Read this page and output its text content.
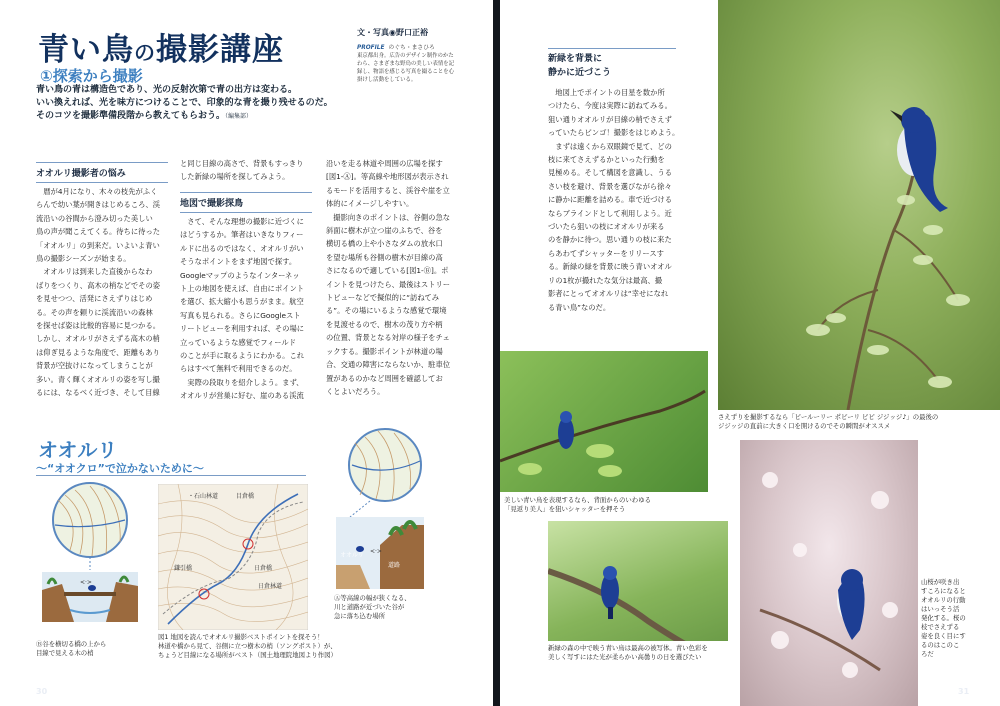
青い鳥の撮影講座
①探索から撮影
青い鳥の青は構造色であり、光の反射次第で青の出方は変わる。
いい換えれば、光を味方につけることで、印象的な青を撮り残せるのだ。
そのコツを撮影準備段階から教えてもらおう。（編集部）
文・写真◉野口正裕
PROFILE のぐち・まさひろ
東京都出身。広告のデザイン制作のかた
わら、さまざまな野鳥の美しい表情を記
録し、物語を感じる写真を撮ることを心
掛けし活動をしている。
オオルリ撮影者の悩み
　暦が4月になり、木々の枝先がふく
らんで幼い葉が開きはじめるころ、渓
流沿いの谷間から澄み切った美しい
鳥の声が聞こえてくる。待ちに待った
「オオルリ」の到来だ。いよいよ青い
鳥の撮影シーズンが始まる。
　オオルリは到来した直後からなわ
ばりをつくり、高木の梢などでその姿
を見せつつ、活発にさえずりはじめ
る。その声を頼りに渓流沿いの森林
を探せば姿は比較的容易に見つかる。
しかし、オオルリがさえずる高木の梢
は仰ぎ見るような角度で、距離もあり
背景が空抜けになってしまうことが
多い。青く輝くオオルリの姿を写し撮
るには、なるべく近づき、そして目線
と同じ目線の高さで、背景もすっきり
した新緑の場所を探してみよう。
地図で撮影探鳥
　さて、そんな理想の撮影に近づくに
はどうするか。筆者はいきなりフィー
ルドに出るのではなく、オオルリがい
そうなポイントをまず地図で探す。
Googleマップのようなインターネッ
ト上の地図を使えば、自由にポイント
を選び、拡大縮小も思うがまま。航空
写真も見られる。さらにGoogleスト
リートビューを利用すれば、その場に
立っているような感覚でフィールド
のことが手に取るようにわかる。これ
らはすべて無料で利用できるのだ。
　実際の段取りを紹介しよう。まず、
オオルリが営巣に好む、崖のある渓流
沿いを走る林道や周囲の広場を探す
[図1-Ⓐ]。等高線や地形図が表示され
るモードを活用すると、渓谷や崖を立
体的にイメージしやすい。
　撮影向きのポイントは、谷側の急な
斜面に樹木が立つ崖のふちで、谷を
横切る橋の上や小さなダムの放水口
を望む場所も谷側の樹木が目線の高
さになるので適している[図1-Ⓑ]。ポ
イントを見つけたら、最後はストリー
トビューなどで擬似的に“訪ねてみ
る”。その場にいるような感覚で環境
を見渡せるので、樹木の茂り方や柄
の位置、背景となる対岸の様子をチェ
ックする。撮影ポイントが林道の場
合、交通の障害にならないか、駐車位
置があるのかなど周囲を確認してお
くとよいだろう。
オオルリ
〜“オオクロ”で泣かないために〜
<·>
Ⓑ谷を横切る橋の上から
目線で見える木の梢
・石山林道	目倉橋
鎌引橋	日倉橋
日倉林道
図1 地図を読んでオオルリ撮影ベストポイントを探そう！
林道や橋から見て、谷側に立つ樹木の梢（ソングポスト）が、
ちょうど目線になる場所がベスト（国土地理院地図より作図）
オオルリ
<·>
道路
Ⓐ等高線の幅が狭くなる、
川と道路が近づいた谷が
急に落ち込む場所
新緑を背景に
静かに近づこう
　地図上でポイントの目星を数か所
つけたら、今度は実際に訪ねてみる。
狙い通りオオルリが目線の梢でさえず
っていたらビンゴ！撮影をはじめよう。
　まずは遠くから双眼鏡で見て、どの
枝に来てさえずるかといった行動を
見極める。そして構図を意識し、うる
さい枝を避け、背景を選びながら徐々
に静かに距離を詰める。車で近づける
ならブラインドとして利用しよう。近
づいたら狙いの枝にオオルリが来る
のを静かに待つ。思い通りの枝に来た
らあわてずシャッターをリリースす
る。新緑の緑を背景に映う青いオオル
リの1枚が撮れたな気分は最高、撮
影者にとってオオルリは“幸せになれ
る青い鳥”なのだ。
さえずりを撮影するなら「ピールーリー ポピーリ ピピ ジジッジ♪」の最後の
ジジッジの直前に大きく口を開けるのでその瞬間がオススメ
美しい青い鳥を表現するなら、背面からのいわゆる
「見返り美人」を狙いシャッターを押そう
新緑の森の中で映う青い鳥は最高の被写体。青い色彩を
美しく写すにはた光が柔らかい高曇りの日を選びたい
山桜が咲き出
すころになると
オオルリの行動
はいっそう活
発化する。桜の
枝でさえずる
姿を良く目にす
るのはこのこ
ろだ
30	31
